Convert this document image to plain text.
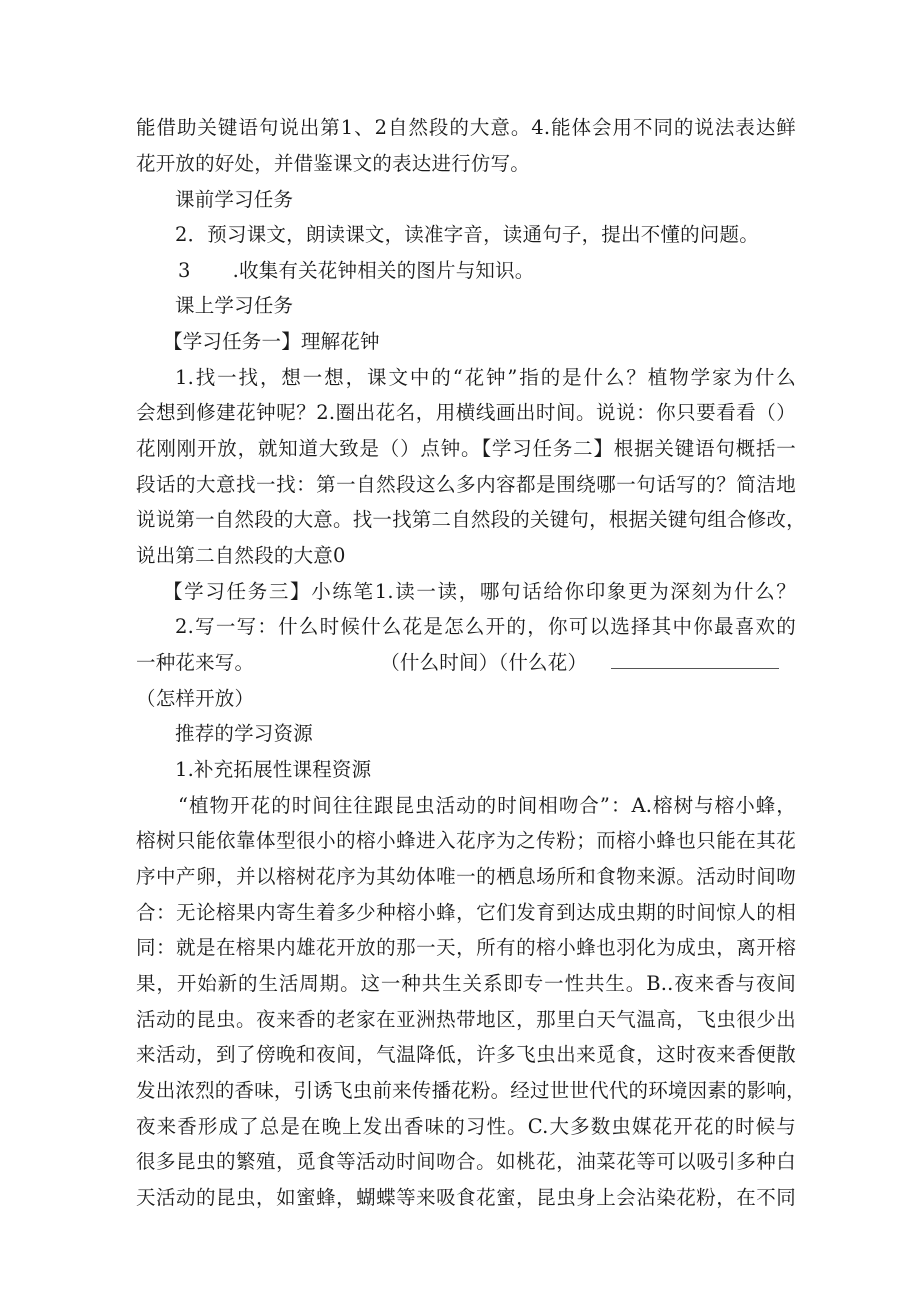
能借助关键语句说出第1、2自然段的大意。4.能体会用不同的说法表达鲜
花开放的好处，并借鉴课文的表达进行仿写。
课前学习任务
2．预习课文，朗读课文，读准字音，读通句子，提出不懂的问题。
3 .收集有关花钟相关的图片与知识。
课上学习任务
【学习任务一】理解花钟
1.找一找，想一想，课文中的“花钟”指的是什么？植物学家为什么
会想到修建花钟呢？2.圈出花名，用横线画出时间。说说：你只要看看（）
花刚刚开放，就知道大致是（）点钟。【学习任务二】根据关键语句概括一
段话的大意找一找：第一自然段这么多内容都是围绕哪一句话写的？简洁地
说说第一自然段的大意。找一找第二自然段的关键句，根据关键句组合修改，
说出第二自然段的大意0
【学习任务三】小练笔1.读一读，哪句话给你印象更为深刻为什么？
2.写一写：什么时候什么花是怎么开的，你可以选择其中你最喜欢的
一种花来写。	（什么时间）（什么花）
（怎样开放）
推荐的学习资源
1.补充拓展性课程资源
“植物开花的时间往往跟昆虫活动的时间相吻合”：A.榕树与榕小蜂，
榕树只能依靠体型很小的榕小蜂进入花序为之传粉；而榕小蜂也只能在其花
序中产卵，并以榕树花序为其幼体唯一的栖息场所和食物来源。活动时间吻
合：无论榕果内寄生着多少种榕小蜂，它们发育到达成虫期的时间惊人的相
同：就是在榕果内雄花开放的那一天，所有的榕小蜂也羽化为成虫，离开榕
果，开始新的生活周期。这一种共生关系即专一性共生。B..夜来香与夜间
活动的昆虫。夜来香的老家在亚洲热带地区，那里白天气温高，飞虫很少出
来活动，到了傍晚和夜间，气温降低，许多飞虫出来觅食，这时夜来香便散
发出浓烈的香味，引诱飞虫前来传播花粉。经过世世代代的环境因素的影响，
夜来香形成了总是在晚上发出香味的习性。C.大多数虫媒花开花的时候与
很多昆虫的繁殖，觅食等活动时间吻合。如桃花，油菜花等可以吸引多种白
天活动的昆虫，如蜜蜂，蝴蝶等来吸食花蜜，昆虫身上会沾染花粉，在不同
